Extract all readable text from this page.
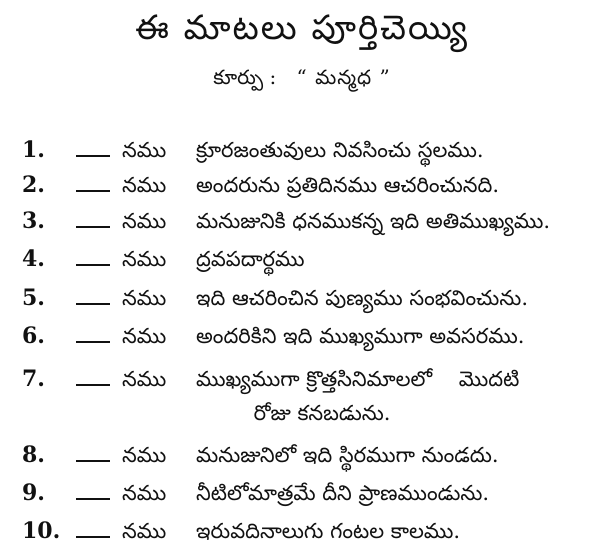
ఈ మాటలు పూర్తిచెయ్యి
కూర్పు : “ మన్మధ ”
1.	నము క్రూరజంతువులు నివసించు స్థలము.
2.	నము అందరును ప్రతిదినము ఆచరించునది.
3.	నము మనుజునికి ధనముకన్న ఇది అతిముఖ్యము.
4.	నము ద్రవపదార్థము
5.	నము ఇది ఆచరించిన పుణ్యము సంభవించును.
6.	నము అందరికిని ఇది ముఖ్యముగా అవసరము.
7.	నము ముఖ్యముగా క్రొత్తసినిమాలలో    మొదటి
రోజు కనబడును.
8.	నము మనుజునిలో ఇది స్థిరముగా నుండదు.
9.	నము నీటిలోమాత్రమే దీని ప్రాణముండును.
10.	నము ఇరువదినాలుగు గంటల కాలము.
